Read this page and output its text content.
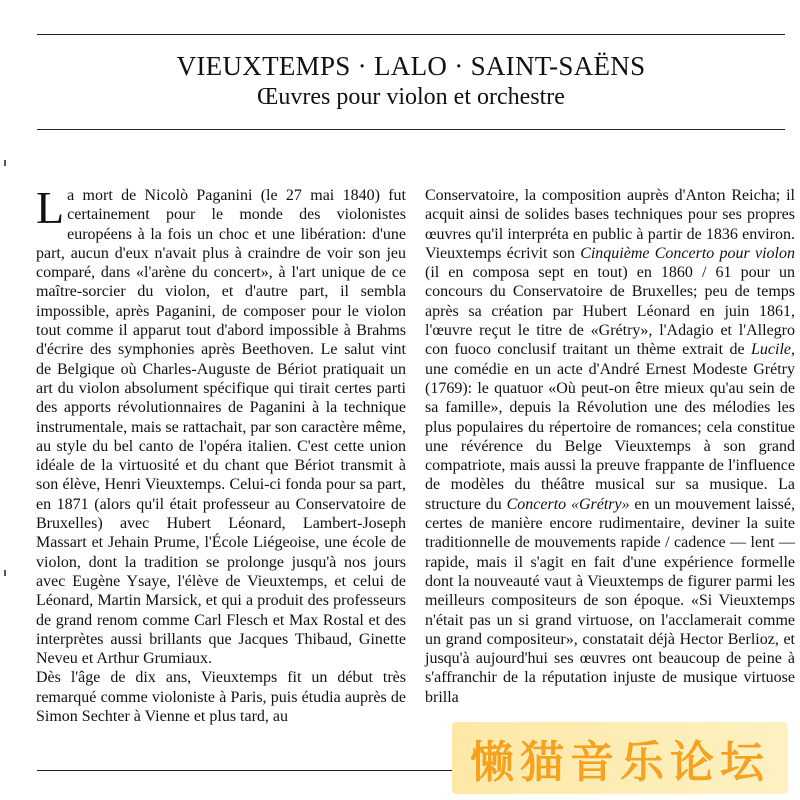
VIEUXTEMPS · LALO · SAINT-SAËNS
Œuvres pour violon et orchestre

La mort de Nicolò Paganini (le 27 mai 1840) fut certainement pour le monde des violonistes européens à la fois un choc et une libération: d'une part, aucun d'eux n'avait plus à craindre de voir son jeu comparé, dans «l'arène du concert», à l'art unique de ce maître-sorcier du violon, et d'autre part, il sembla impossible, après Paganini, de composer pour le violon tout comme il apparut tout d'abord impossible à Brahms d'écrire des symphonies après Beethoven. Le salut vint de Belgique où Charles-Auguste de Bériot pratiquait un art du violon absolument spécifique qui tirait certes parti des apports révolutionnaires de Paganini à la technique instrumentale, mais se rattachait, par son caractère même, au style du bel canto de l'opéra italien. C'est cette union idéale de la virtuosité et du chant que Bériot transmit à son élève, Henri Vieuxtemps. Celui-ci fonda pour sa part, en 1871 (alors qu'il était professeur au Conservatoire de Bruxelles) avec Hubert Léonard, Lambert-Joseph Massart et Jehain Prume, l'École Liégeoise, une école de violon, dont la tradition se prolonge jusqu'à nos jours avec Eugène Ysaye, l'élève de Vieuxtemps, et celui de Léonard, Martin Marsick, et qui a produit des professeurs de grand renom comme Carl Flesch et Max Rostal et des interprètes aussi brillants que Jacques Thibaud, Ginette Neveu et Arthur Grumiaux.

Dès l'âge de dix ans, Vieuxtemps fit un début très remarqué comme violoniste à Paris, puis étudia auprès de Simon Sechter à Vienne et plus tard, au

Conservatoire, la composition auprès d'Anton Reicha; il acquit ainsi de solides bases techniques pour ses propres œuvres qu'il interpréta en public à partir de 1836 environ. Vieuxtemps écrivit son Cinquième Concerto pour violon (il en composa sept en tout) en 1860 / 61 pour un concours du Conservatoire de Bruxelles; peu de temps après sa création par Hubert Léonard en juin 1861, l'œuvre reçut le titre de «Grétry», l'Adagio et l'Allegro con fuoco conclusif traitant un thème extrait de Lucile, une comédie en un acte d'André Ernest Modeste Grétry (1769): le quatuor «Où peut-on être mieux qu'au sein de sa famille», depuis la Révolution une des mélodies les plus populaires du répertoire de romances; cela constitue une révérence du Belge Vieuxtemps à son grand compatriote, mais aussi la preuve frappante de l'influence de modèles du théâtre musical sur sa musique. La structure du Concerto «Grétry» en un mouvement laissé, certes de manière encore rudimentaire, deviner la suite traditionnelle de mouvements rapide / cadence — lent — rapide, mais il s'agit en fait d'une expérience formelle dont la nouveauté vaut à Vieuxtemps de figurer parmi les meilleurs compositeurs de son époque. «Si Vieuxtemps n'était pas un si grand virtuose, on l'acclamerait comme un grand compositeur», constatait déjà Hector Berlioz, et jusqu'à aujourd'hui ses œuvres ont beaucoup de peine à s'affranchir de la réputation injuste de musique virtuose brilla

懒猫音乐论坛
